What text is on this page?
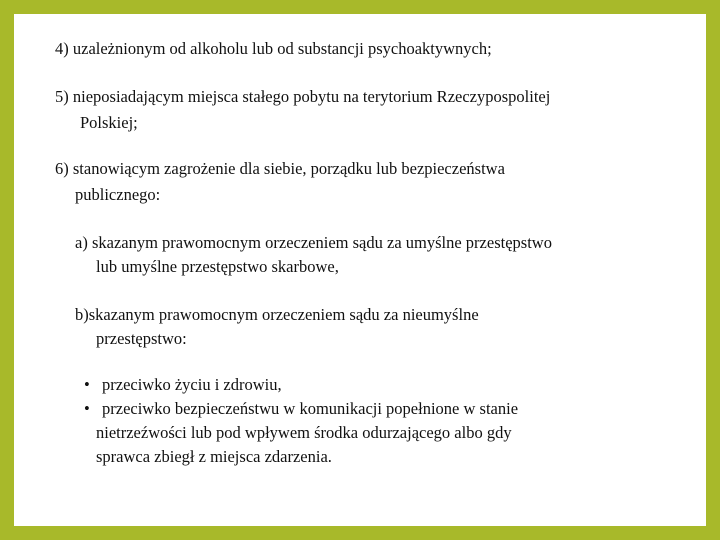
4) uzależnionym od alkoholu lub od substancji psychoaktywnych;
5) nieposiadającym miejsca stałego pobytu na terytorium Rzeczypospolitej
Polskiej;
6) stanowiącym zagrożenie dla siebie, porządku lub bezpieczeństwa
publicznego:
a) skazanym prawomocnym orzeczeniem sądu za umyślne przestępstwo
lub umyślne przestępstwo skarbowe,
b)skazanym prawomocnym orzeczeniem sądu za nieumyślne
przestępstwo:
• przeciwko życiu i zdrowiu,
• przeciwko bezpieczeństwu w komunikacji popełnione w stanie
nietrzeźwości lub pod wpływem środka odurzającego albo gdy
sprawca zbiegł z miejsca zdarzenia.
